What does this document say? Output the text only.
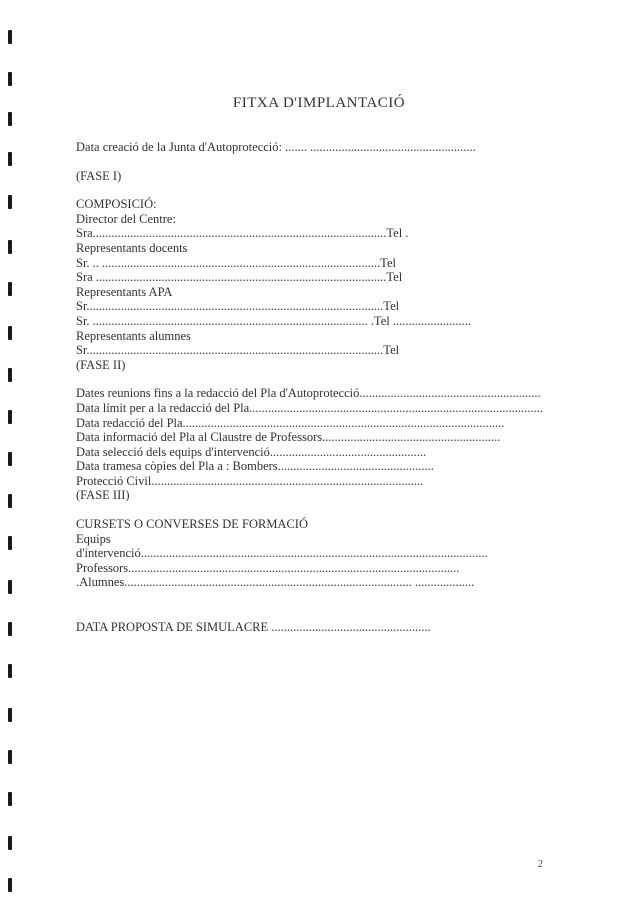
FITXA D'IMPLANTACIÓ
Data creació de la Junta d'Autoprotecció: ....... .....................................................
(FASE I)
COMPOSICIÓ:
Director del Centre:
Sra..............................................................................................Tel .
Representants docents
Sr. .. .........................................................................................Tel
Sra .............................................................................................Tel
Representants APA
Sr...............................................................................................Tel
Sr. ........................................................................................ .Tel .........................
Representants alumnes
Sr...............................................................................................Tel
(FASE II)
Dates reunions fins a la redacció del Pla d'Autoprotecció..........................................................
Data límit per a la redacció del Pla..............................................................................................
Data redacció del Pla.......................................................................................................
Data informació del Pla al Claustre de Professors.........................................................
Data selecció dels equips d'intervenció..................................................
Data tramesa còpies del Pla a : Bombers..................................................
Protecció Civil.......................................................................................
(FASE III)
CURSETS O CONVERSES DE FORMACIÓ
Equips
d'intervenció...............................................................................................................
Professors..........................................................................................................
.Alumnes............................................................................................ ...................
DATA PROPOSTA DE SIMULACRE ...................................................
2
